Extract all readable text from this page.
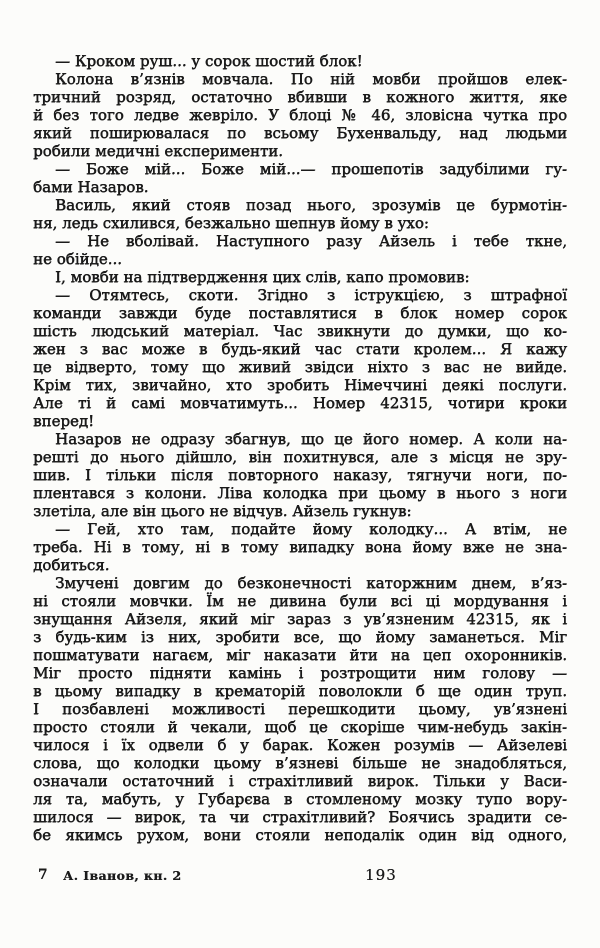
— Кроком руш... у сорок шостий блок!
Колона в’язнів мовчала. По ній мовби пройшов елек-
тричний розряд, остаточно вбивши в кожного життя, яке
й без того ледве жевріло. У блоці № 46, зловісна чутка про
який поширювалася по всьому Бухенвальду, над людьми
робили медичні експерименти.
— Боже мій... Боже мій...— прошепотів задубілими гу-
бами Назаров.
Василь, який стояв позад нього, зрозумів це бурмотін-
ня, ледь схилився, безжально шепнув йому в ухо:
— Не вболівай. Наступного разу Айзель і тебе ткне,
не обійде...
І, мовби на підтвердження цих слів, капо промовив:
— Отямтесь, скоти. Згідно з іструкцією, з штрафної
команди завжди буде поставлятися в блок номер сорок
шість людський матеріал. Час звикнути до думки, що ко-
жен з вас може в будь-який час стати кролем... Я кажу
це відверто, тому що живий звідси ніхто з вас не вийде.
Крім тих, звичайно, хто зробить Німеччині деякі послуги.
Але ті й самі мовчатимуть... Номер 42315, чотири кроки
вперед!
Назаров не одразу збагнув, що це його номер. А коли на-
решті до нього дійшло, він похитнувся, але з місця не зру-
шив. І тільки після повторного наказу, тягнучи ноги, по-
плентався з колони. Ліва колодка при цьому в нього з ноги
злетіла, але він цього не відчув. Айзель гукнув:
— Гей, хто там, подайте йому колодку... А втім, не
треба. Ні в тому, ні в тому випадку вона йому вже не зна-
добиться.
Змучені довгим до безконечності каторжним днем, в’яз-
ні стояли мовчки. Їм не дивина були всі ці мордування і
знущання Айзеля, який міг зараз з ув’язненим 42315, як і
з будь-ким із них, зробити все, що йому заманеться. Міг
пошматувати нагаєм, міг наказати йти на цеп охоронників.
Міг просто підняти камінь і розтрощити ним голову —
в цьому випадку в крематорій поволокли б ще один труп.
І позбавлені можливості перешкодити цьому, ув’язнені
просто стояли й чекали, щоб це скоріше чим-небудь закін-
чилося і їх одвели б у барак. Кожен розумів — Айзелеві
слова, що колодки цьому в’язневі більше не знадобляться,
означали остаточний і страхітливий вирок. Тільки у Васи-
ля та, мабуть, у Губарєва в стомленому мозку тупо вору-
шилося — вирок, та чи страхітливий? Боячись зрадити се-
бе якимсь рухом, вони стояли неподалік один від одного,
7 А. Іванов, кн. 2	193
